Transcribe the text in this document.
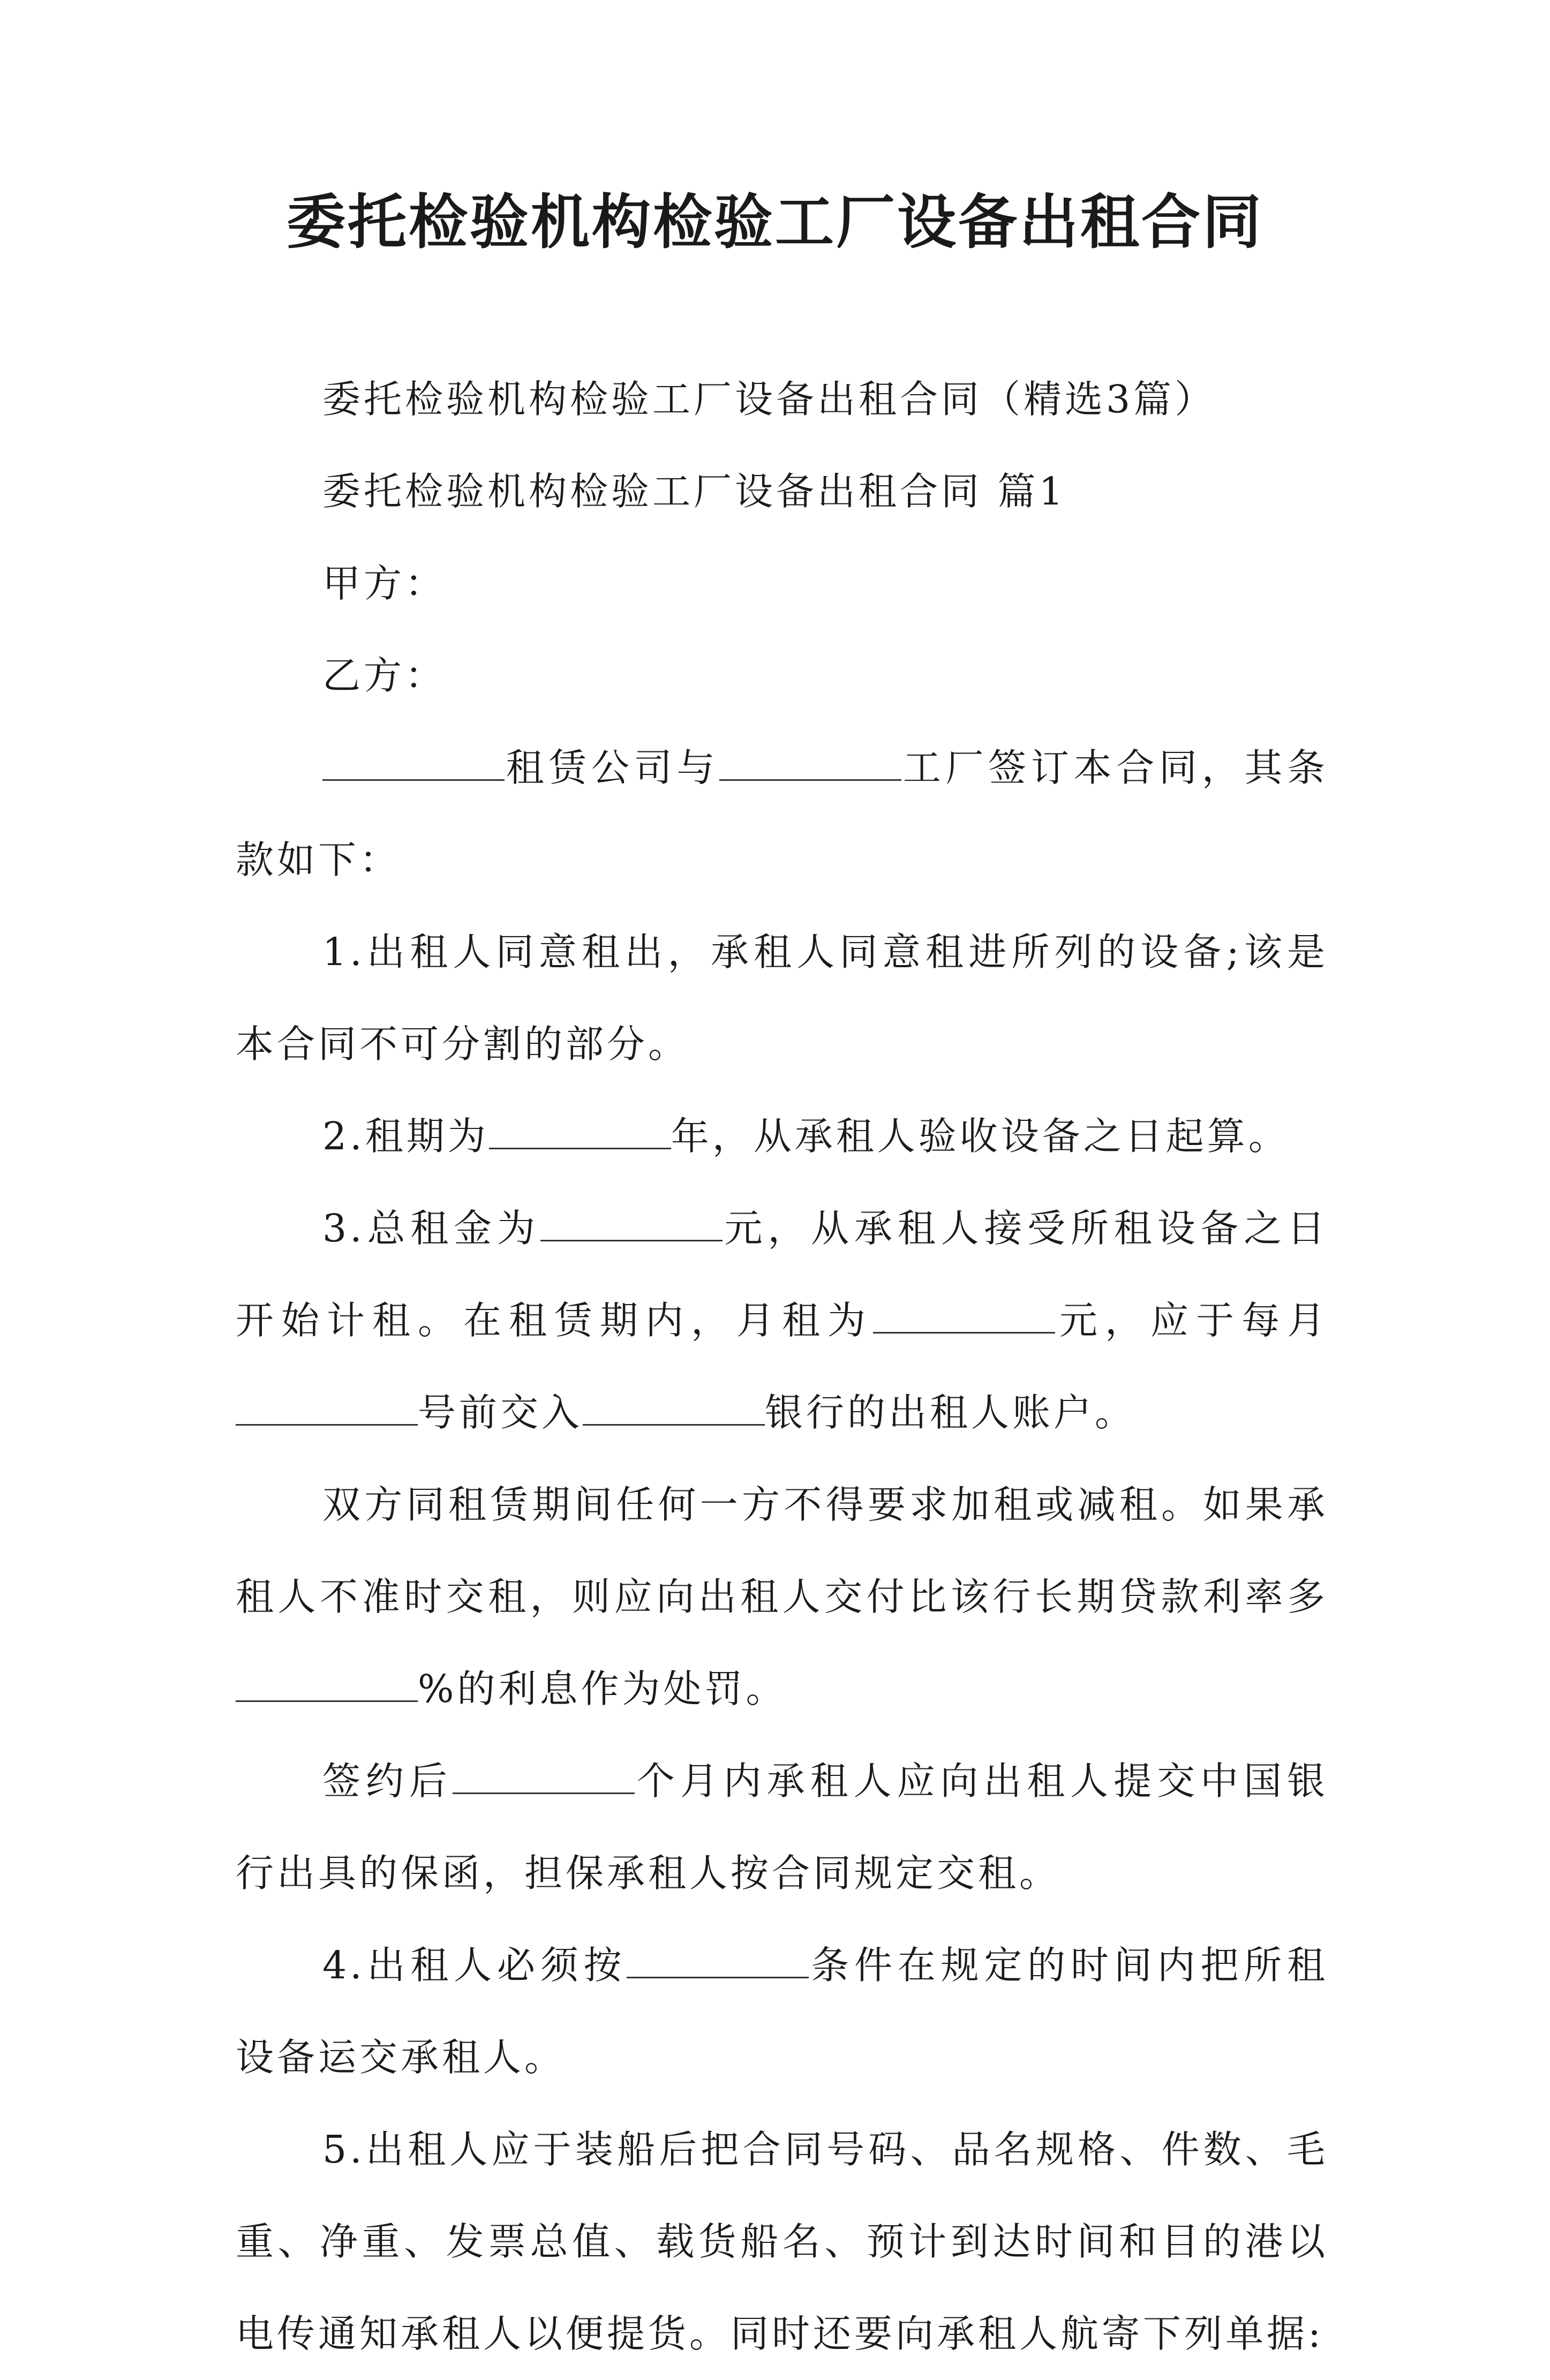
委托检验机构检验工厂设备出租合同

委托检验机构检验工厂设备出租合同（精选3篇）

委托检验机构检验工厂设备出租合同 篇1

甲方：

乙方：

租赁公司与	工厂签订本合同，其条款如下：

1.出租人同意租出，承租人同意租进所列的设备;该是本合同不可分割的部分。

2.租期为	年，从承租人验收设备之日起算。

3.总租金为	元，从承租人接受所租设备之日开始计租。在租赁期内，月租为	元，应于每月号前交入	银行的出租人账户。

双方同租赁期间任何一方不得要求加租或减租。如果承租人不准时交租，则应向出租人交付比该行长期贷款利率多%的利息作为处罚。

签约后	个月内承租人应向出租人提交中国银行出具的保函，担保承租人按合同规定交租。

4.出租人必须按	条件在规定的时间内把所租设备运交承租人。

5.出租人应于装船后把合同号码、品名规格、件数、毛重、净重、发票总值、载货船名、预计到达时间和目的港以电传通知承租人以便提货。同时还要向承租人航寄下列单据:
